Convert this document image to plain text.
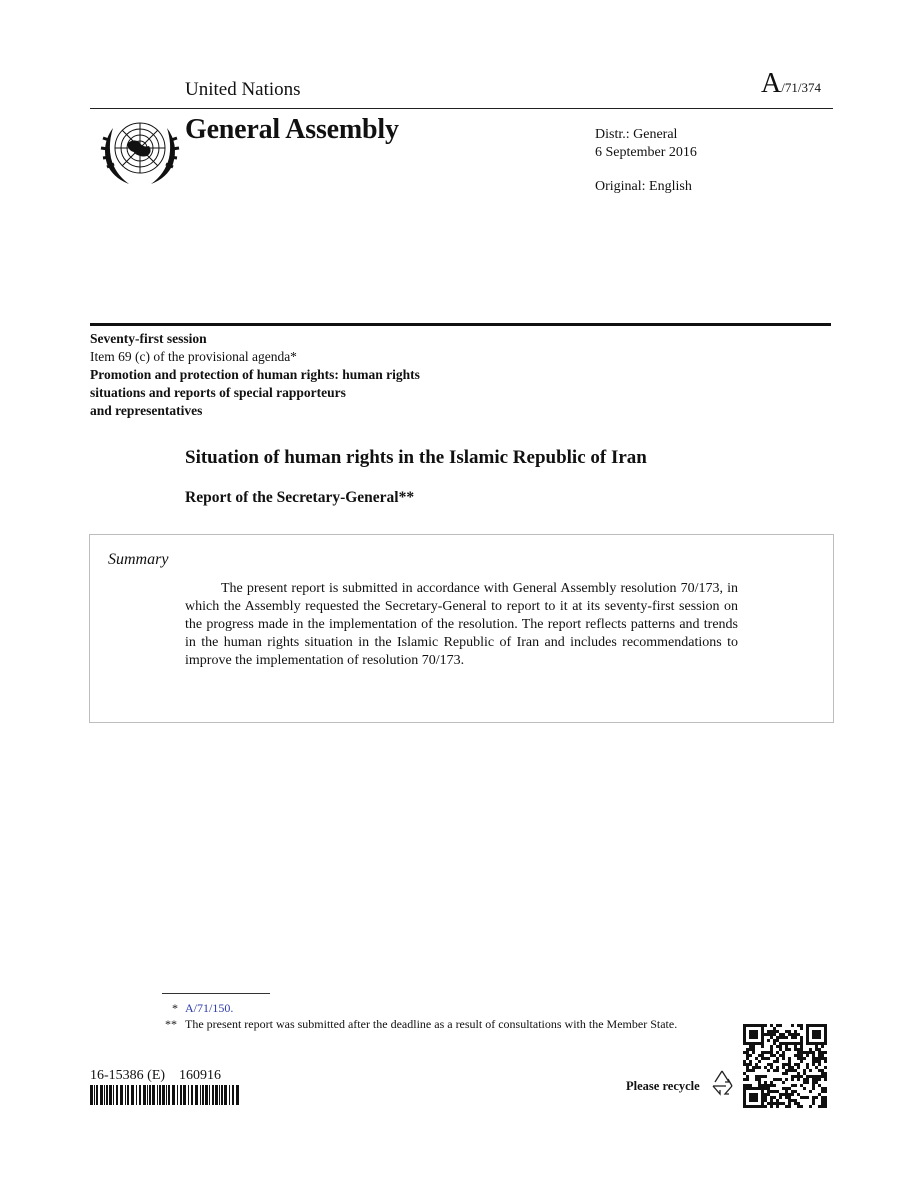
United Nations	A/71/374
General Assembly	Distr.: General
6 September 2016
Original: English
Seventy-first session
Item 69 (c) of the provisional agenda*
Promotion and protection of human rights: human rights
situations and reports of special rapporteurs
and representatives
Situation of human rights in the Islamic Republic of Iran
Report of the Secretary-General**
Summary
The present report is submitted in accordance with General Assembly resolution 70/173, in which the Assembly requested the Secretary-General to report to it at its seventy-first session on the progress made in the implementation of the resolution. The report reflects patterns and trends in the human rights situation in the Islamic Republic of Iran and includes recommendations to improve the implementation of resolution 70/173.
* A/71/150.
** The present report was submitted after the deadline as a result of consultations with the Member State.
16-15386 (E)    160916
Please recycle
